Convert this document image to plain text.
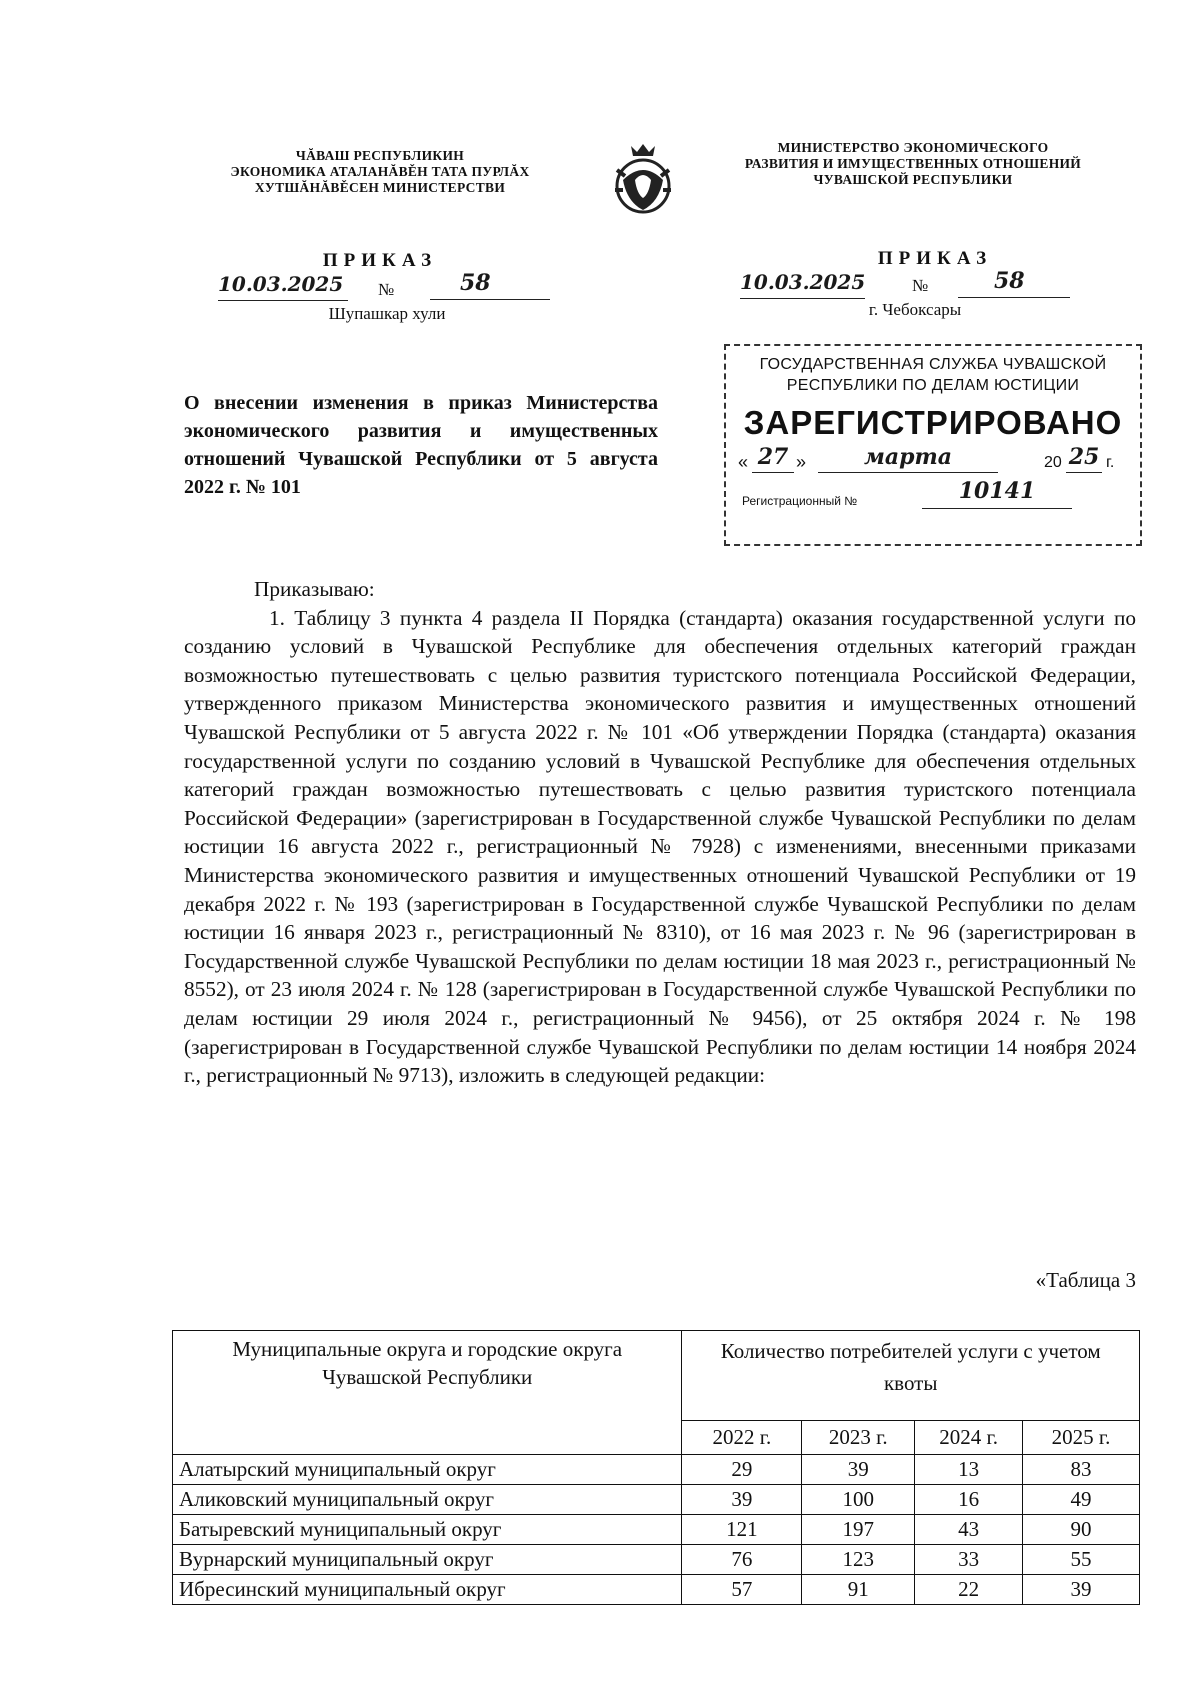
ЧĂВАШ РЕСПУБЛИКИН
ЭКОНОМИКА АТАЛАНĂВĚН ТАТА ПУРЛĂХ
ХУТШĂНĂВĚСЕН МИНИСТЕРСТВИ
МИНИСТЕРСТВО ЭКОНОМИЧЕСКОГО
РАЗВИТИЯ И ИМУЩЕСТВЕННЫХ ОТНОШЕНИЙ
ЧУВАШСКОЙ РЕСПУБЛИКИ
ПРИКАЗ
10.03.2025 №	58
Шупашкар хули
ПРИКАЗ
10.03.2025	№	58
г. Чебоксары
ГОСУДАРСТВЕННАЯ СЛУЖБА ЧУВАШСКОЙ
РЕСПУБЛИКИ ПО ДЕЛАМ ЮСТИЦИИ
ЗАРЕГИСТРИРОВАНО
« 27 »	марта	20 25 г.
Регистрационный №	10141
О внесении изменения в приказ Министерства экономического развития и имущественных отношений Чувашской Республики от 5 августа 2022 г. № 101

Приказываю:

1. Таблицу 3 пункта 4 раздела II Порядка (стандарта) оказания государственной услуги по созданию условий в Чувашской Республике для обеспечения отдельных категорий граждан возможностью путешествовать с целью развития туристского потенциала Российской Федерации, утвержденного приказом Министерства экономического развития и имущественных отношений Чувашской Республики от 5 августа 2022 г. № 101 «Об утверждении Порядка (стандарта) оказания государственной услуги по созданию условий в Чувашской Республике для обеспечения отдельных категорий граждан возможностью путешествовать с целью развития туристского потенциала Российской Федерации» (зарегистрирован в Государственной службе Чувашской Республики по делам юстиции 16 августа 2022 г., регистрационный № 7928) с изменениями, внесенными приказами Министерства экономического развития и имущественных отношений Чувашской Республики от 19 декабря 2022 г. № 193 (зарегистрирован в Государственной службе Чувашской Республики по делам юстиции 16 января 2023 г., регистрационный № 8310), от 16 мая 2023 г. № 96 (зарегистрирован в Государственной службе Чувашской Республики по делам юстиции 18 мая 2023 г., регистрационный № 8552), от 23 июля 2024 г. № 128 (зарегистрирован в Государственной службе Чувашской Республики по делам юстиции 29 июля 2024 г., регистрационный № 9456), от 25 октября 2024 г. № 198 (зарегистрирован в Государственной службе Чувашской Республики по делам юстиции 14 ноября 2024 г., регистрационный № 9713), изложить в следующей редакции:

«Таблица 3
Муниципальные округа и городские округа Чувашской Республики	Количество потребителей услуги с учетом квоты			
	2022 г.	2023 г.	2024 г.	2025 г.
Алатырский муниципальный округ	29	39	13	83
Аликовский муниципальный округ	39	100	16	49
Батыревский муниципальный округ	121	197	43	90
Вурнарский муниципальный округ	76	123	33	55
Ибресинский муниципальный округ	57	91	22	39
